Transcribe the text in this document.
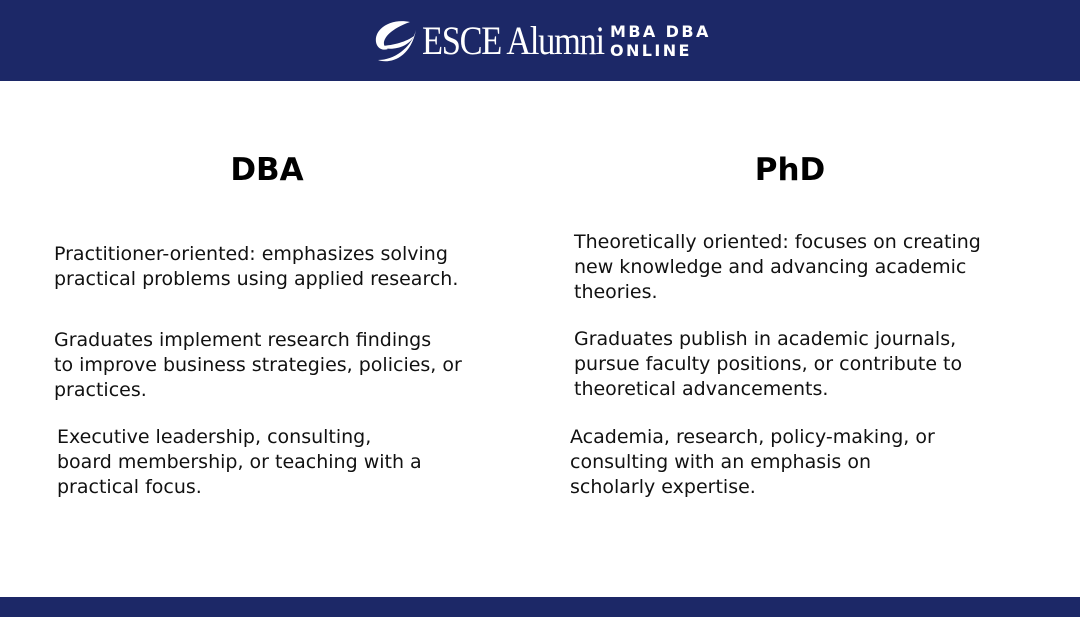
ESCE Alumni MBA DBA
ONLINE
DBA	PhD

Practitioner-oriented: emphasizes solving
practical problems using applied research.

Graduates implement research findings
to improve business strategies, policies, or
practices.

Executive leadership, consulting,
board membership, or teaching with a
practical focus.

Theoretically oriented: focuses on creating
new knowledge and advancing academic
theories.

Graduates publish in academic journals,
pursue faculty positions, or contribute to
theoretical advancements.

Academia, research, policy-making, or
consulting with an emphasis on
scholarly expertise.
